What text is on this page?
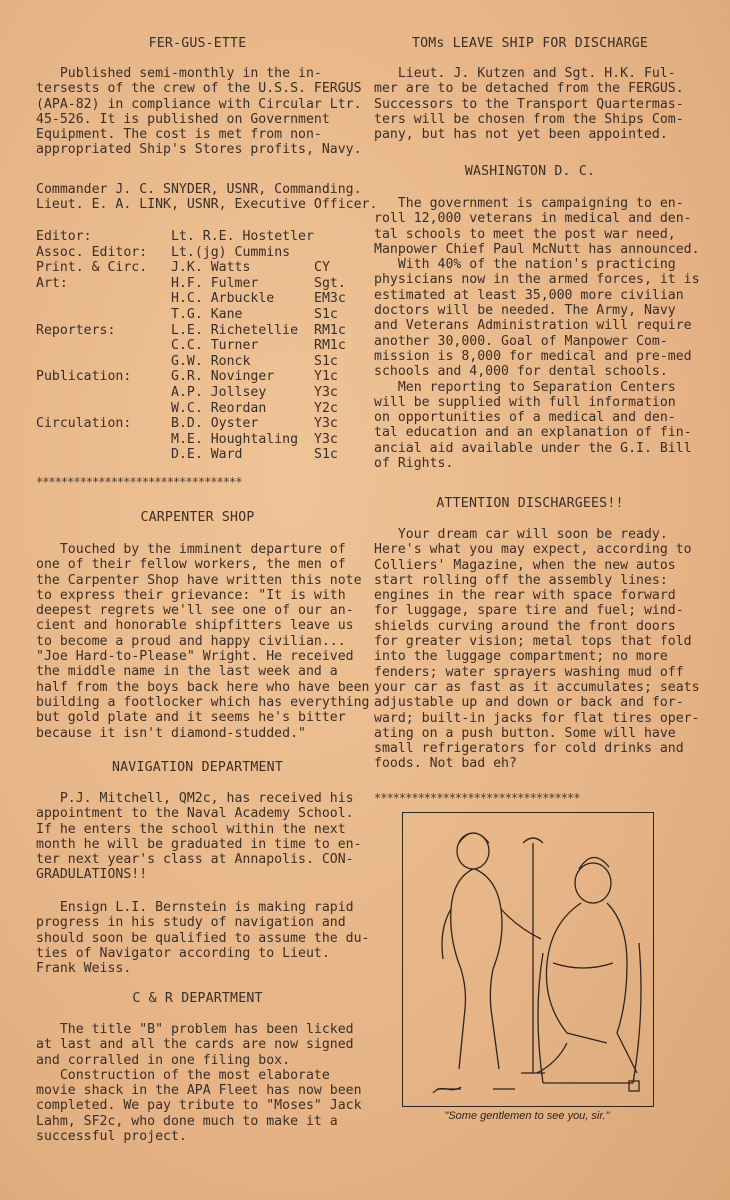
FER-GUS-ETTE

Published semi-monthly in the in-
tersests of the crew of the U.S.S. FERGUS
(APA-82) in compliance with Circular Ltr.
45-526. It is published on Government
Equipment. The cost is met from non-
appropriated Ship's Stores profits, Navy.
Commander J. C. SNYDER, USNR, Commanding.
Lieut. E. A. LINK, USNR, Executive Officer.
Editor:	Lt. R.E. Hostetler
Assoc. Editor: Lt.(jg) Cummins
Print. & Circ. J.K. Watts	CY
Art:	H.F. Fulmer	Sgt.
H.C. Arbuckle	EM3c
T.G. Kane	S1c
Reporters:	L.E. Richetellie RM1c
C.C. Turner	RM1c
G.W. Ronck	S1c
Publication:	G.R. Novinger	Y1c
A.P. Jollsey	Y3c
W.C. Reordan	Y2c
Circulation:	B.D. Oyster	Y3c
M.E. Houghtaling Y3c
D.E. Ward	S1c
*********************************

CARPENTER SHOP

Touched by the imminent departure of
one of their fellow workers, the men of
the Carpenter Shop have written this note
to express their grievance: "It is with
deepest regrets we'll see one of our an-
cient and honorable shipfitters leave us
to become a proud and happy civilian...
"Joe Hard-to-Please" Wright. He received
the middle name in the last week and a
half from the boys back here who have been
building a footlocker which has everything
but gold plate and it seems he's bitter
because it isn't diamond-studded."

NAVIGATION DEPARTMENT

P.J. Mitchell, QM2c, has received his
appointment to the Naval Academy School.
If he enters the school within the next
month he will be graduated in time to en-
ter next year's class at Annapolis. CON-
GRADULATIONS!!
Ensign L.I. Bernstein is making rapid
progress in his study of navigation and
should soon be qualified to assume the du-
ties of Navigator according to Lieut.
Frank Weiss.

C & R DEPARTMENT

The title "B" problem has been licked
at last and all the cards are now signed
and corralled in one filing box.
Construction of the most elaborate
movie shack in the APA Fleet has now been
completed. We pay tribute to "Moses" Jack
Lahm, SF2c, who done much to make it a
successful project.

TOMs LEAVE SHIP FOR DISCHARGE

Lieut. J. Kutzen and Sgt. H.K. Ful-
mer are to be detached from the FERGUS.
Successors to the Transport Quartermas-
ters will be chosen from the Ships Com-
pany, but has not yet been appointed.

WASHINGTON D. C.

The government is campaigning to en-
roll 12,000 veterans in medical and den-
tal schools to meet the post war need,
Manpower Chief Paul McNutt has announced.
With 40% of the nation's practicing
physicians now in the armed forces, it is
estimated at least 35,000 more civilian
doctors will be needed. The Army, Navy
and Veterans Administration will require
another 30,000. Goal of Manpower Com-
mission is 8,000 for medical and pre-med
schools and 4,000 for dental schools.
Men reporting to Separation Centers
will be supplied with full information
on opportunities of a medical and den-
tal education and an explanation of fin-
ancial aid available under the G.I. Bill
of Rights.

ATTENTION DISCHARGEES!!

Your dream car will soon be ready.
Here's what you may expect, according to
Colliers' Magazine, when the new autos
start rolling off the assembly lines:
engines in the rear with space forward
for luggage, spare tire and fuel; wind-
shields curving around the front doors
for greater vision; metal tops that fold
into the luggage compartment; no more
fenders; water sprayers washing mud off
your car as fast as it accumulates; seats
adjustable up and down or back and for-
ward; built-in jacks for flat tires oper-
ating on a push button. Some will have
small refrigerators for cold drinks and
foods. Not bad eh?
*********************************
"Some gentlemen to see you, sir."
